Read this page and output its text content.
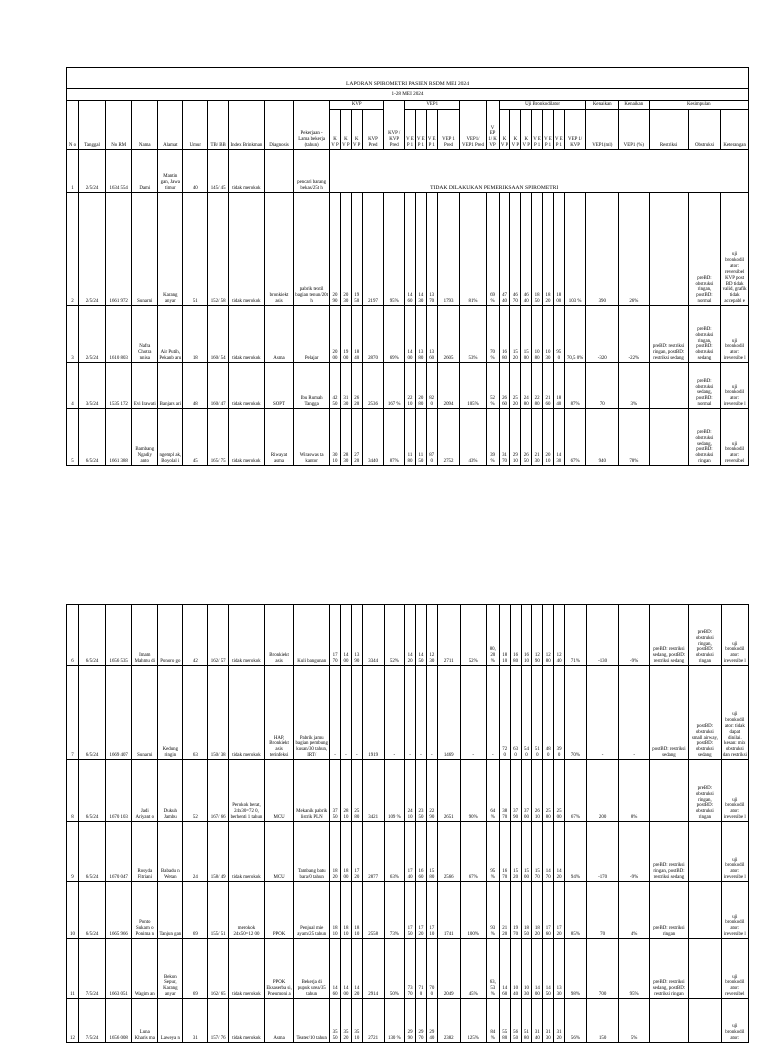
LAPORAN SPIROMETRI PASIEN RSDM MEI 2024																																
1-28 MEI 2024																																
N o	Tanggal	No RM	Nama	Alamat	Umur	TB/ BB	Index Brinkman	Diagnosis	Pekerjaan -Lama bekerja (tahun)	KVP				KVP / KVP Pred	VEP1				VEP1/ VEP1 Pred	V EP 1/ K VP	Uji Bronkodilator							Kenaikan	Kenaikan	Kesimpulan		
										K V P	K V P	K V P	KVP Pred		V E P 1	V E P 1	V E P 1	VEP 1 Pred			K V P	K V P	K V P	V E P 1	V E P 1	V E P 1	VEP 1/ KVP	VEP1(ml)	VEP1 (%)	Restriksi	Obstruksi	Keterangan
1	2/5/24	1634 554	Dami	Mantin gan, Jawa timur	40	145/ 45	tidak merokok		pencari barang bekas/25t h	TIDAK DILAKUKAN PEMERIKSAAN SPIROMETRI																						
2	2/5/24	1661 972	Sunarni	Karang anyar	51	152/ 58	tidak merokok	bronkiekt asis	pabrik textil bagian tenun/20t h	20 90	20 30	19 50	2197	95%	14 60	14 30	13 70	1793	81%	69 %	47 40	46 70	46 40	18 50	18 20	18 00	103 %	390	26%		preBD: obstruksi ringan, postBD: normal	uji bronkodil ator: reversibel KVP post BD tidak valid, grafik tidak accepabl e
3	2/5/24	1610 803	Nafra Chotra nnisa	Air Putih, Pekanb aru	18	160/ 54	tidak merokok	Asma	Pelajar	20 00	19 00	18 40	2870	69%	14 00	13 80	13 60	2605	53%	70 %	16 80	15 20	15 00	10 80	10 30	95 0	70,5 0%	-320	-22%	preBD: restriksi ringan, postBD: restriksi sedang	preBD: obstruksi ringan, postBD: obstruksi sedang	uji bronkodil ator: ireversibe l
4	3/5/24	1535 172	Evi Irawati	Banjars ari	48	160/ 47	tidak merokok	SOPT	Ibu Rumah Tangga	42 50	31 30	26 20	2536	167 %	22 10	20 80	82 0	2094	105%	52 %	26 60	25 20	24 80	22 80	21 60	18 40	87%	70	3%		preBD: obstruksi sedang, postBD: normal	uji bronkodil ator: ireversibe l
5	6/5/24	1661 388	Bambang Ngadiy anto	ngempl ak, Boyolal i	45	165/ 75	tidak merokok	Riwayat asma	Wiraswas ta kantor	30 10	28 30	27 20	3440	87%	11 80	11 50	87 0	2752	43%	39 %	31 70	29 10	26 50	21 30	20 10	14 30	67%	940	78%		preBD: obstruksi sedang, postBD: obstruksi ringan	uji bronkodil ator: reversibel
6	6/5/24	1656 535	Imam Mahmu di	Ponoro go	42	162/ 57	tidak merokok	Bronkiekt asis	Kuli bangunan	17 70	14 00	13 90	3344	52%	14 20	14 50	12 30	2711	52%	80, 20 %	18 10	16 80	16 10	12 90	12 80	12 40	71%	-130	-9%	preBD: restriksi sedang, postBD: restriksi sedang	preBD: obstruksi ringan, postBD: obstruksi ringan	uji bronkodil ator: ireversibe l
7	6/5/24	1669 407	Sunarni	Kedung ringin	63	150/ 38	tidak merokok	HAP, Bronkiekt asis terinfeksi	Pabrik jamu bagian pembung kusan/30 tahun, IRT/	-	-	-	1919	-	-	-	-	1469	-	-	72 0	63 0	54 0	51 0	48 0	39 0	70%	-	-	postBD: restriksi sedang	postBD: obstruksi small airway, postBD: obstruksi sedang	uji bronkodil ator: tidak dapat dinilai. kesan: mix obstruksi dan restriksi
8	6/5/24	1670 103	Jadi Ariyant o	Dukuh Jambu	52	167/ 66	Perokok berat, 24x30=72 0, berhenti 1 tahun	MCU	Mekanik pabrik listrik PLN	37 50	28 10	25 80	3421	109 %	24 10	23 50	22 90	2651	90%	64 %	38 70	37 90	37 00	26 10	25 80	25 00	67%	200	8%		preBD: obstruksi ringan, postBD: obstruksi ringan	uji bronkodil ator: ireversibe l
9	6/5/24	1670 047	Rosyda Fitriani	Babadu n Wetan	24	158/ 49	tidak merokok	MCU	Tambang batu bara/0 tahun	18 20	18 00	17 20	2877	63%	17 40	16 60	15 80	2566	67%	95 %	16 70	15 20	15 00	15 70	14 70	14 20	94%	-170	-9%	preBD: restriksi ringan, postBD: restriksi sedang		uji bronkodil ator: ireversibe l
10	6/5/24	1665 966	Ponto Sukarn o Ponima n	Tanjun gan	69	155/ 51	merokok 24x50=12 00	PPOK	Penjual mie ayam/25 tahun	18 10	18 10	18 10	2558	73%	17 50	17 20	17 10	1741	100%	93 %	21 20	19 70	18 50	18 20	17 60	17 20	85%	70	4%	preBD: restriksi ringan		uji bronkodil ator: ireversibe l
11	7/5/24	1663 051	Wagim an	Bekon Sepur, Karang anyar	69	162/ 65	tidak merokok	PPOK Eksaserba si, Pneumoni a	Bekerja di pupuk urea/35 tahun	14 60	14 00	14 20	2914	50%	73 70	71 0	70 0	2049	45%	63, 53 %	14 60	10 40	10 30	14 00	14 50	13 30	98%	700	95%	preBD: restriksi sedang, postBD: restriksi ringan		uji bronkodil ator: reversibel
12	7/5/24	1656 008	Luna Kharis ma	Laweya n	31	157/ 76	tidak merokok	Asma	Teater/10 tahun	35 50	35 20	35 10	2721	130 %	29 90	29 70	29 40	2382	125%	84 %	55 80	56 50	51 80	31 40	31 30	31 20	56%	150	5%			uji bronkodil ator:
